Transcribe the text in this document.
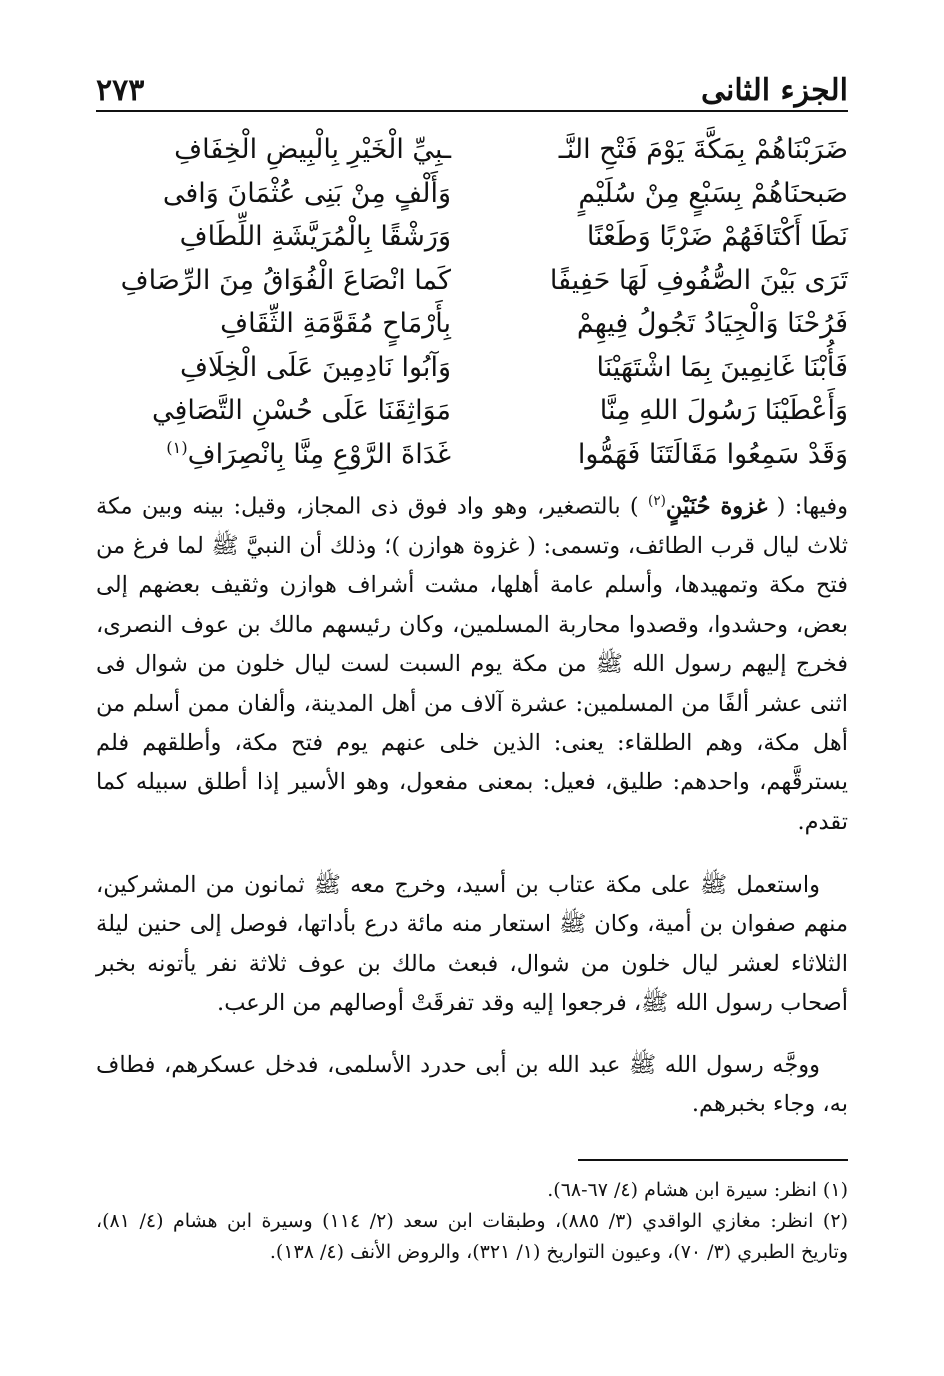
الجزء الثانى
٢٧٣
ضَرَبْنَاهُمْ بِمَكَّةَ يَوْمَ فَتْحِ النَّـ
ـبِيِّ الْخَيْرِ بِالْبِيضِ الْخِفَافِ
صَبحنَاهُمْ بِسَبْعٍ مِنْ سُلَيْمٍ
وَأَلْفٍ مِنْ بَنِى عُثْمَانَ وَافى
نَطَا أَكْتَافَهُمْ ضَرْبًا وَطَعْنًا
وَرَشْقًا بِالْمُرَيَّشَةِ اللِّطَافِ
تَرَى بَيْنَ الصُّفُوفِ لَهَا حَفِيفًا
كَما انْصَاعَ الْفُوَاقُ مِنَ الرِّصَافِ
فَرُحْنَا وَالْجِيَادُ تَجُولُ فِيهِمْ
بِأَرْمَاحٍ مُقَوَّمَةِ الثِّقَافِ
فَأُبْنَا غَانِمِينَ بِمَا اشْتَهَيْنَا
وَآبُوا نَادِمِينَ عَلَى الْخِلَافِ
وَأَعْطَيْنَا رَسُولَ اللهِ مِنَّا
مَوَاثِقَنَا عَلَى حُسْنِ التَّصَافِي
وَقَدْ سَمِعُوا مَقَالَتَنَا فَهَمُّوا
غَدَاةَ الرَّوْعِ مِنَّا بِانْصِرَافِ$^{(١)}$

وفيها: ( غزوة حُنَيْنٍ$^{(٢)}$ ) بالتصغير، وهو واد فوق ذى المجاز، وقيل: بينه وبين مكة ثلاث ليال قرب الطائف، وتسمى: ( غزوة هوازن )؛ وذلك أن النبيَّ ﷺ لما فرغ من فتح مكة وتمهيدها، وأسلم عامة أهلها، مشت أشراف هوازن وثقيف بعضهم إلى بعض، وحشدوا، وقصدوا محاربة المسلمين، وكان رئيسهم مالك بن عوف النصرى، فخرج إليهم رسول الله ﷺ من مكة يوم السبت لست ليال خلون من شوال فى اثنى عشر ألفًا من المسلمين: عشرة آلاف من أهل المدينة، وألفان ممن أسلم من أهل مكة، وهم الطلقاء: يعنى: الذين خلى عنهم يوم فتح مكة، وأطلقهم فلم يسترقَّهم، واحدهم: طليق، فعيل: بمعنى مفعول، وهو الأسير إذا أطلق سبيله كما تقدم.

واستعمل ﷺ على مكة عتاب بن أسيد، وخرج معه ﷺ ثمانون من المشركين، منهم صفوان بن أمية، وكان ﷺ استعار منه مائة درع بأداتها، فوصل إلى حنين ليلة الثلاثاء لعشر ليال خلون من شوال، فبعث مالك بن عوف ثلاثة نفر يأتونه بخبر أصحاب رسول الله ﷺ، فرجعوا إليه وقد تفرقَتْ أوصالهم من الرعب.

ووجَّه رسول الله ﷺ عبد الله بن أبى حدرد الأسلمى، فدخل عسكرهم، فطاف به، وجاء بخبرهم.

(١) انظر: سيرة ابن هشام (٤/ ٦٧-٦٨).

(٢) انظر: مغازي الواقدي (٣/ ٨٨٥)، وطبقات ابن سعد (٢/ ١١٤) وسيرة ابن هشام (٤/ ٨١)، وتاريخ الطبري (٣/ ٧٠)، وعيون التواريخ (١/ ٣٢١)، والروض الأنف (٤/ ١٣٨).
